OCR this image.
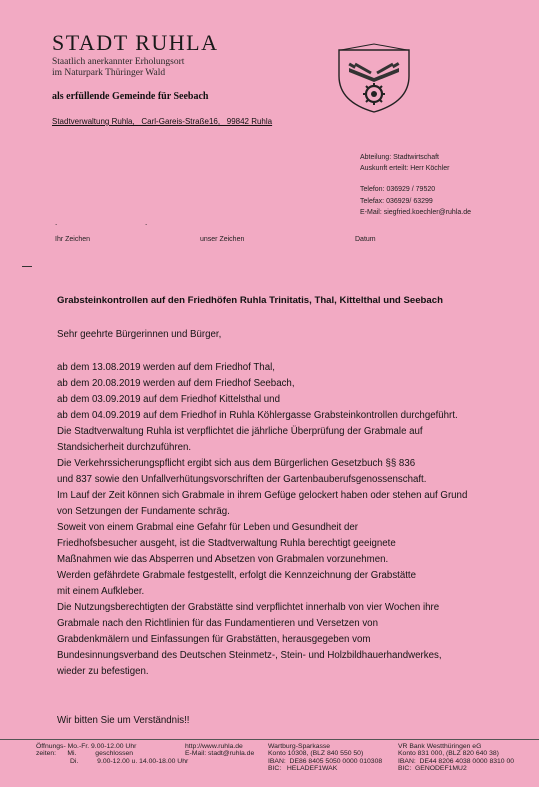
STADT RUHLA
Staatlich anerkannter Erholungsort
im Naturpark Thüringer Wald
als erfüllende Gemeinde für Seebach
Stadtverwaltung Ruhla,   Carl-Gareis-Straße16,   99842 Ruhla
Abteilung: Stadtwirtschaft
Auskunft erteilt: Herr Köchler
Telefon: 036929 / 79520
Telefax: 036929/ 63299
E-Mail: siegfried.koechler@ruhla.de
.	.
Ihr Zeichen	unser Zeichen	Datum
Grabsteinkontrollen auf den Friedhöfen Ruhla Trinitatis, Thal, Kittelthal und Seebach
Sehr geehrte Bürgerinnen und Bürger,
ab dem 13.08.2019 werden auf dem Friedhof Thal,
ab dem 20.08.2019 werden auf dem Friedhof Seebach,
ab dem 03.09.2019 auf dem Friedhof Kittelsthal und
ab dem 04.09.2019 auf dem Friedhof in Ruhla Köhlergasse Grabsteinkontrollen durchgeführt.
Die Stadtverwaltung Ruhla ist verpflichtet die jährliche Überprüfung der Grabmale auf
Standsicherheit durchzuführen.
Die Verkehrssicherungspflicht ergibt sich aus dem Bürgerlichen Gesetzbuch §§ 836
und 837 sowie den Unfallverhütungsvorschriften der Gartenbauberufsgenossenschaft.
Im Lauf der Zeit können sich Grabmale in ihrem Gefüge gelockert haben oder stehen auf Grund
von Setzungen der Fundamente schräg.
Soweit von einem Grabmal eine Gefahr für Leben und Gesundheit der
Friedhofsbesucher ausgeht, ist die Stadtverwaltung Ruhla berechtigt geeignete
Maßnahmen wie das Absperren und Absetzen von Grabmalen vorzunehmen.
Werden gefährdete Grabmale festgestellt, erfolgt die Kennzeichnung der Grabstätte
mit einem Aufkleber.
Die Nutzungsberechtigten der Grabstätte sind verpflichtet innerhalb von vier Wochen ihre
Grabmale nach den Richtlinien für das Fundamentieren und Versetzen von
Grabdenkmälern und Einfassungen für Grabstätten, herausgegeben vom
Bundesinnungsverband des Deutschen Steinmetz-, Stein- und Holzbildhauerhandwerkes,
wieder zu befestigen.
Wir bitten Sie um Verständnis!!
Öffnungs- Mo.-Fr. 9.00-12.00 Uhr
zeiten:      Mi.          geschlossen
Di.          9.00-12.00 u. 14.00-18.00 Uhr
http://www.ruhla.de
E-Mail: stadt@ruhla.de
Wartburg-Sparkasse
Konto 10308, (BLZ 840 550 50)
IBAN:  DE86 8405 5050 0000 010308
BIC:   HELADEF1WAK
VR Bank Westthüringen eG
Konto 831 000, (BLZ 820 640 38)
IBAN:  DE44 8206 4038 0000 8310 00
BIC:  GENODEF1MU2
